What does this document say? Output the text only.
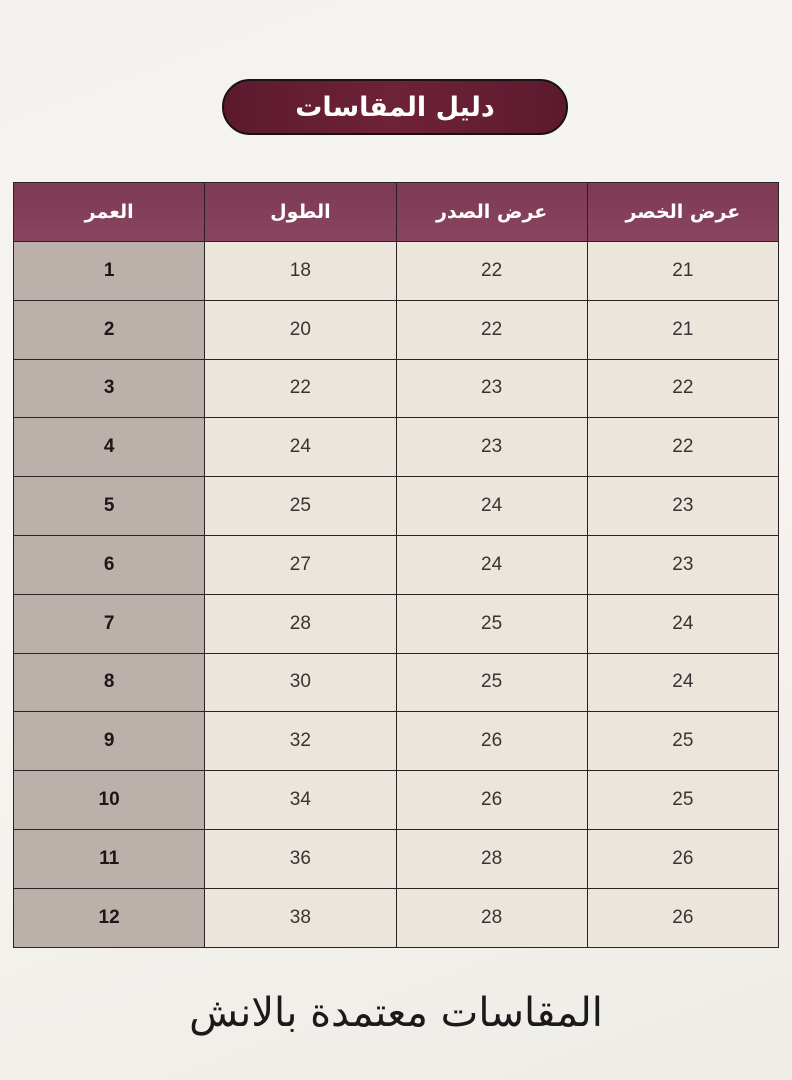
دليل المقاسات
عرض الخصر	عرض الصدر	الطول	العمر
21	22	18	1
21	22	20	2
22	23	22	3
22	23	24	4
23	24	25	5
23	24	27	6
24	25	28	7
24	25	30	8
25	26	32	9
25	26	34	10
26	28	36	11
26	28	38	12
المقاسات معتمدة بالانش
